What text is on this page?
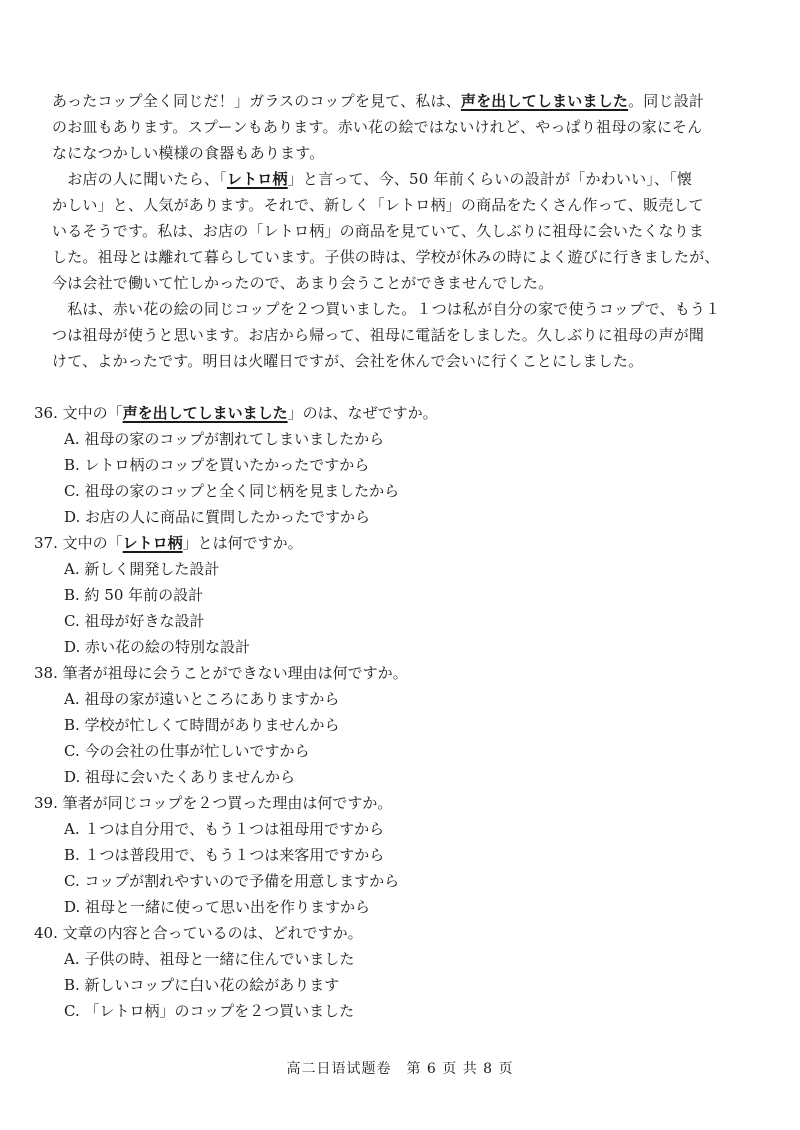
あったコップ全く同じだ！」ガラスのコップを見て、私は、声を出してしまいました。同じ設計
のお皿もあります。スプーンもあります。赤い花の絵ではないけれど、やっぱり祖母の家にそん
なになつかしい模様の食器もあります。
　お店の人に聞いたら、「レトロ柄」と言って、今、50 年前くらいの設計が「かわいい」、「懐
かしい」と、人気があります。それで、新しく「レトロ柄」の商品をたくさん作って、販売して
いるそうです。私は、お店の「レトロ柄」の商品を見ていて、久しぶりに祖母に会いたくなりま
した。祖母とは離れて暮らしています。子供の時は、学校が休みの時によく遊びに行きましたが、
今は会社で働いて忙しかったので、あまり会うことができませんでした。
　私は、赤い花の絵の同じコップを２つ買いました。１つは私が自分の家で使うコップで、もう１
つは祖母が使うと思います。お店から帰って、祖母に電話をしました。久しぶりに祖母の声が聞
けて、よかったです。明日は火曜日ですが、会社を休んで会いに行くことにしました。
36. 文中の「声を出してしまいました」のは、なぜですか。
A. 祖母の家のコップが割れてしまいましたから
B. レトロ柄のコップを買いたかったですから
C. 祖母の家のコップと全く同じ柄を見ましたから
D. お店の人に商品に質問したかったですから
37. 文中の「レトロ柄」とは何ですか。
A. 新しく開発した設計
B. 約 50 年前の設計
C. 祖母が好きな設計
D. 赤い花の絵の特別な設計
38. 筆者が祖母に会うことができない理由は何ですか。
A. 祖母の家が遠いところにありますから
B. 学校が忙しくて時間がありませんから
C. 今の会社の仕事が忙しいですから
D. 祖母に会いたくありませんから
39. 筆者が同じコップを２つ買った理由は何ですか。
A. １つは自分用で、もう１つは祖母用ですから
B. １つは普段用で、もう１つは来客用ですから
C. コップが割れやすいので予備を用意しますから
D. 祖母と一緒に使って思い出を作りますから
40. 文章の内容と合っているのは、どれですか。
A. 子供の時、祖母と一緒に住んでいました
B. 新しいコップに白い花の絵があります
C. 「レトロ柄」のコップを２つ買いました
高二日语试题卷　第 6 页 共 8 页
